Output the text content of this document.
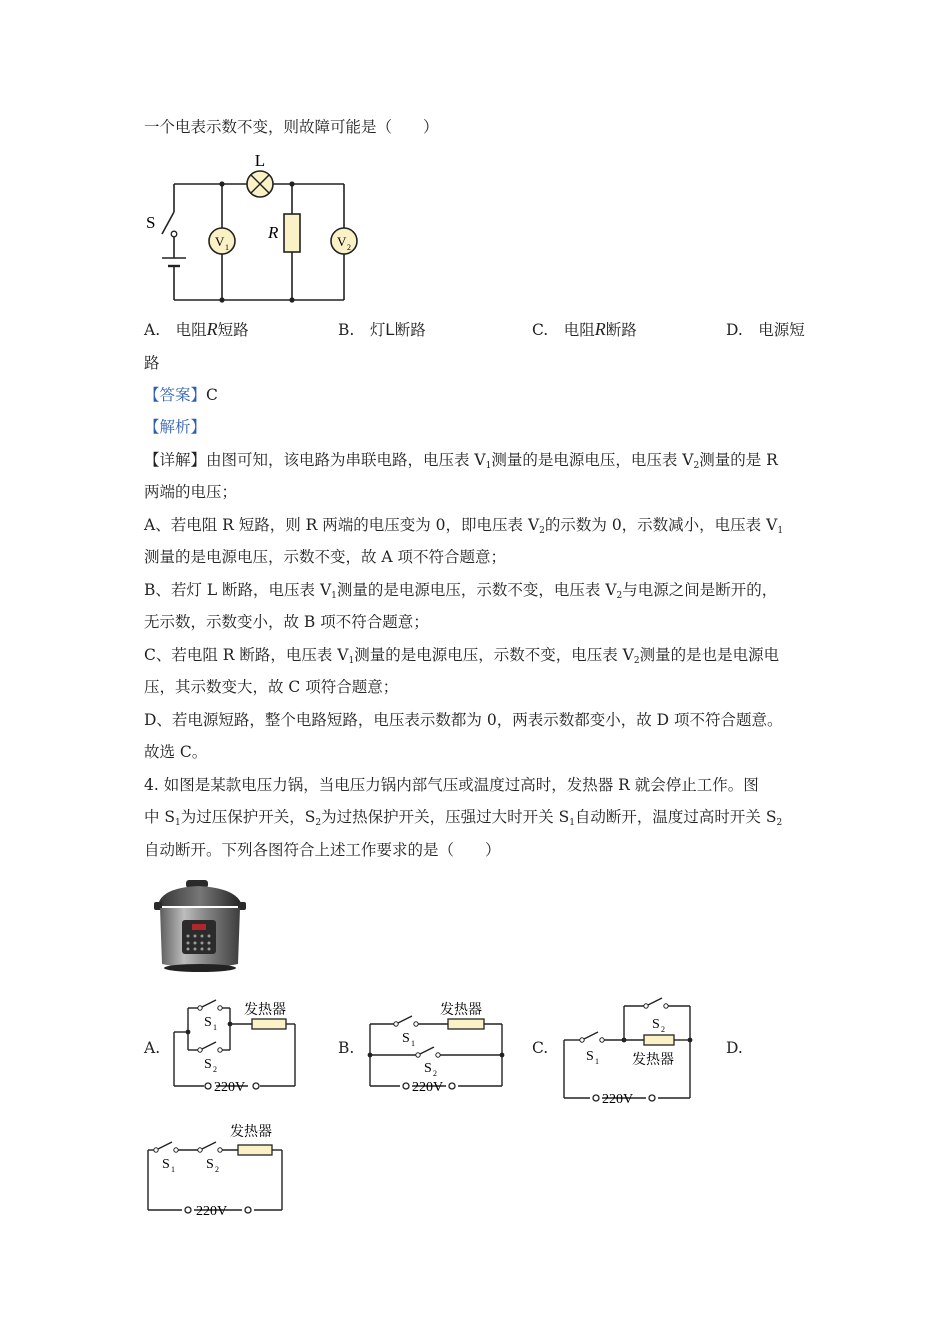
一个电表示数不变，则故障可能是（　　）
L
S
R
V 1	V 2
A.　电阻R短路	B.　灯L断路	C.　电阻R断路	D.　电源短
路
【答案】C
【解析】
【详解】由图可知，该电路为串联电路，电压表 $V_1$测量的是电源电压，电压表 $V_2$测量的是 R
两端的电压；
A、若电阻 R 短路，则 R 两端的电压变为 0，即电压表 $V_2$的示数为 0，示数减小，电压表 $V_1$
测量的是电源电压，示数不变，故 A 项不符合题意；
B、若灯 L 断路，电压表 $V_1$测量的是电源电压，示数不变，电压表 $V_2$与电源之间是断开的，
无示数，示数变小，故 B 项不符合题意；
C、若电阻 R 断路，电压表 $V_1$测量的是电源电压，示数不变，电压表 $V_2$测量的是也是电源电
压，其示数变大，故 C 项符合题意；
D、若电源短路，整个电路短路，电压表示数都为 0，两表示数都变小，故 D 项不符合题意。
故选 C。
4. 如图是某款电压力锅，当电压力锅内部气压或温度过高时，发热器 R 就会停止工作。图
中 $S_1$为过压保护开关，$S_2$为过热保护开关，压强过大时开关 $S_1$自动断开，温度过高时开关 $S_2$
自动断开。下列各图符合上述工作要求的是（　　）
A.	B.	C.	D.
发热器
S 1
S 2
220V
发热器
S 1
S 2
220V
发热器
S 1
S 2
220V
发热器
S 1 S 2
220V
